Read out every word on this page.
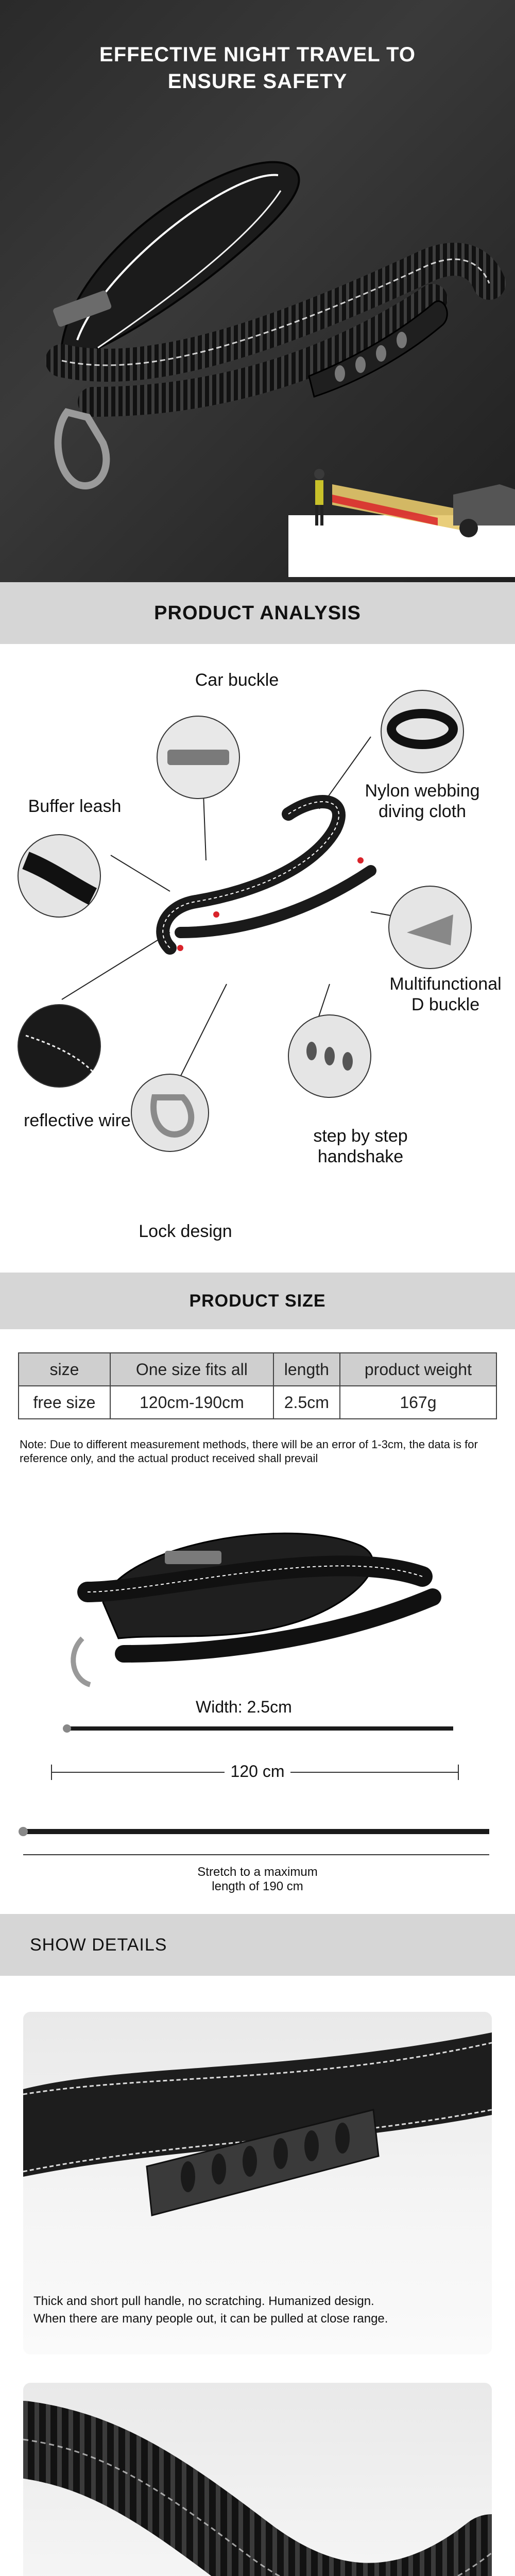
EFFECTIVE NIGHT TRAVEL TO
ENSURE SAFETY
PRODUCT ANALYSIS
Car buckle
Buffer leash
Nylon webbing
diving cloth
Multifunctional
D buckle
reflective wire
step by step
handshake
Lock design
PRODUCT SIZE
size	One size fits all	length	product weight
free size	120cm-190cm	2.5cm	167g

Note: Due to different measurement methods, there will be an error of 1-3cm, the data is for reference only, and the actual product received shall prevail

Width: 2.5cm
120 cm
Stretch to a maximum
length of 190 cm
SHOW DETAILS
Thick and short pull handle, no scratching. Humanized design.
When there are many people out, it can be pulled at close range.
